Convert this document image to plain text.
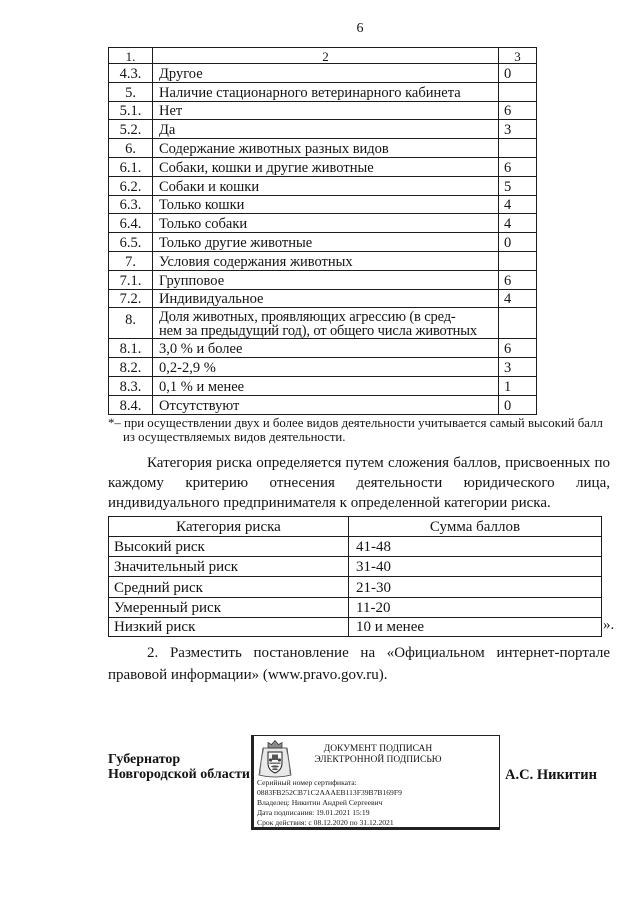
6
1.	2	3
4.3.	Другое	0
5.	Наличие стационарного ветеринарного кабинета	
5.1.	Нет	6
5.2.	Да	3
6.	Содержание животных разных видов	
6.1.	Собаки, кошки и другие животные	6
6.2.	Собаки и кошки	5
6.3.	Только кошки	4
6.4.	Только собаки	4
6.5.	Только другие животные	0
7.	Условия содержания животных	
7.1.	Групповое	6
7.2.	Индивидуальное	4
8.	Доля животных, проявляющих агрессию (в сред-
нем за предыдущий год), от общего числа животных	

8.1.	3,0 % и более	6
8.2.	0,2-2,9 %	3
8.3.	0,1 % и менее	1
8.4.	Отсутствуют	0
*– при осуществлении двух и более видов деятельности учитывается самый высокий балл
из осуществляемых видов деятельности.
Категория риска определяется путем сложения баллов, присвоенных по
каждому критерию отнесения деятельности юридического лица,
индивидуального предпринимателя к определенной категории риска.
Категория риска	Сумма баллов
Высокий риск	41-48
Значительный риск	31-40
Средний риск	21-30
Умеренный риск	11-20
Низкий риск	10 и менее	».
2. Разместить постановление на «Официальном интернет-портале
правовой информации» (www.pravo.gov.ru).
Губернатор
Новгородской области
ДОКУМЕНТ ПОДПИСАН
ЭЛЕКТРОННОЙ ПОДПИСЬЮ
Серийный номер сертификата:
0883FB252CB71C2AAAEB113F39B7B169F9
Владелец: Никитин Андрей Сергеевич
Дата подписания: 19.01.2021 15:19
Срок действия: с 08.12.2020 по 31.12.2021
А.С. Никитин
